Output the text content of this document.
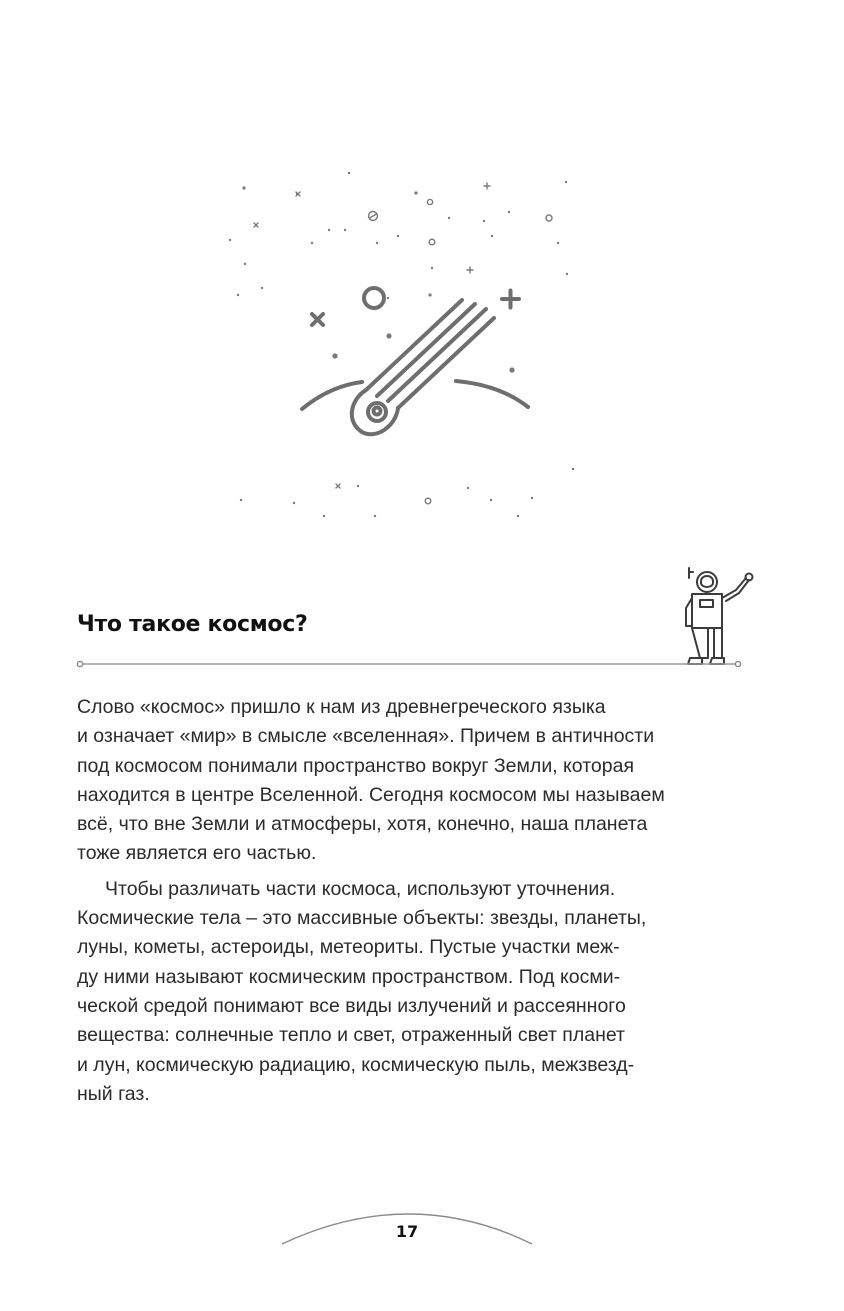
Что такое космос?
Слово «космос» пришло к нам из древнегреческого языка
и означает «мир» в смысле «вселенная». Причем в античности
под космосом понимали пространство вокруг Земли, которая
находится в центре Вселенной. Сегодня космосом мы называем
всё, что вне Земли и атмосферы, хотя, конечно, наша планета
тоже является его частью.
Чтобы различать части космоса, используют уточнения.
Космические тела – это массивные объекты: звезды, планеты,
луны, кометы, астероиды, метеориты. Пустые участки меж-
ду ними называют космическим пространством. Под косми-
ческой средой понимают все виды излучений и рассеянного
вещества: солнечные тепло и свет, отраженный свет планет
и лун, космическую радиацию, космическую пыль, межзвезд-
ный газ.
17
